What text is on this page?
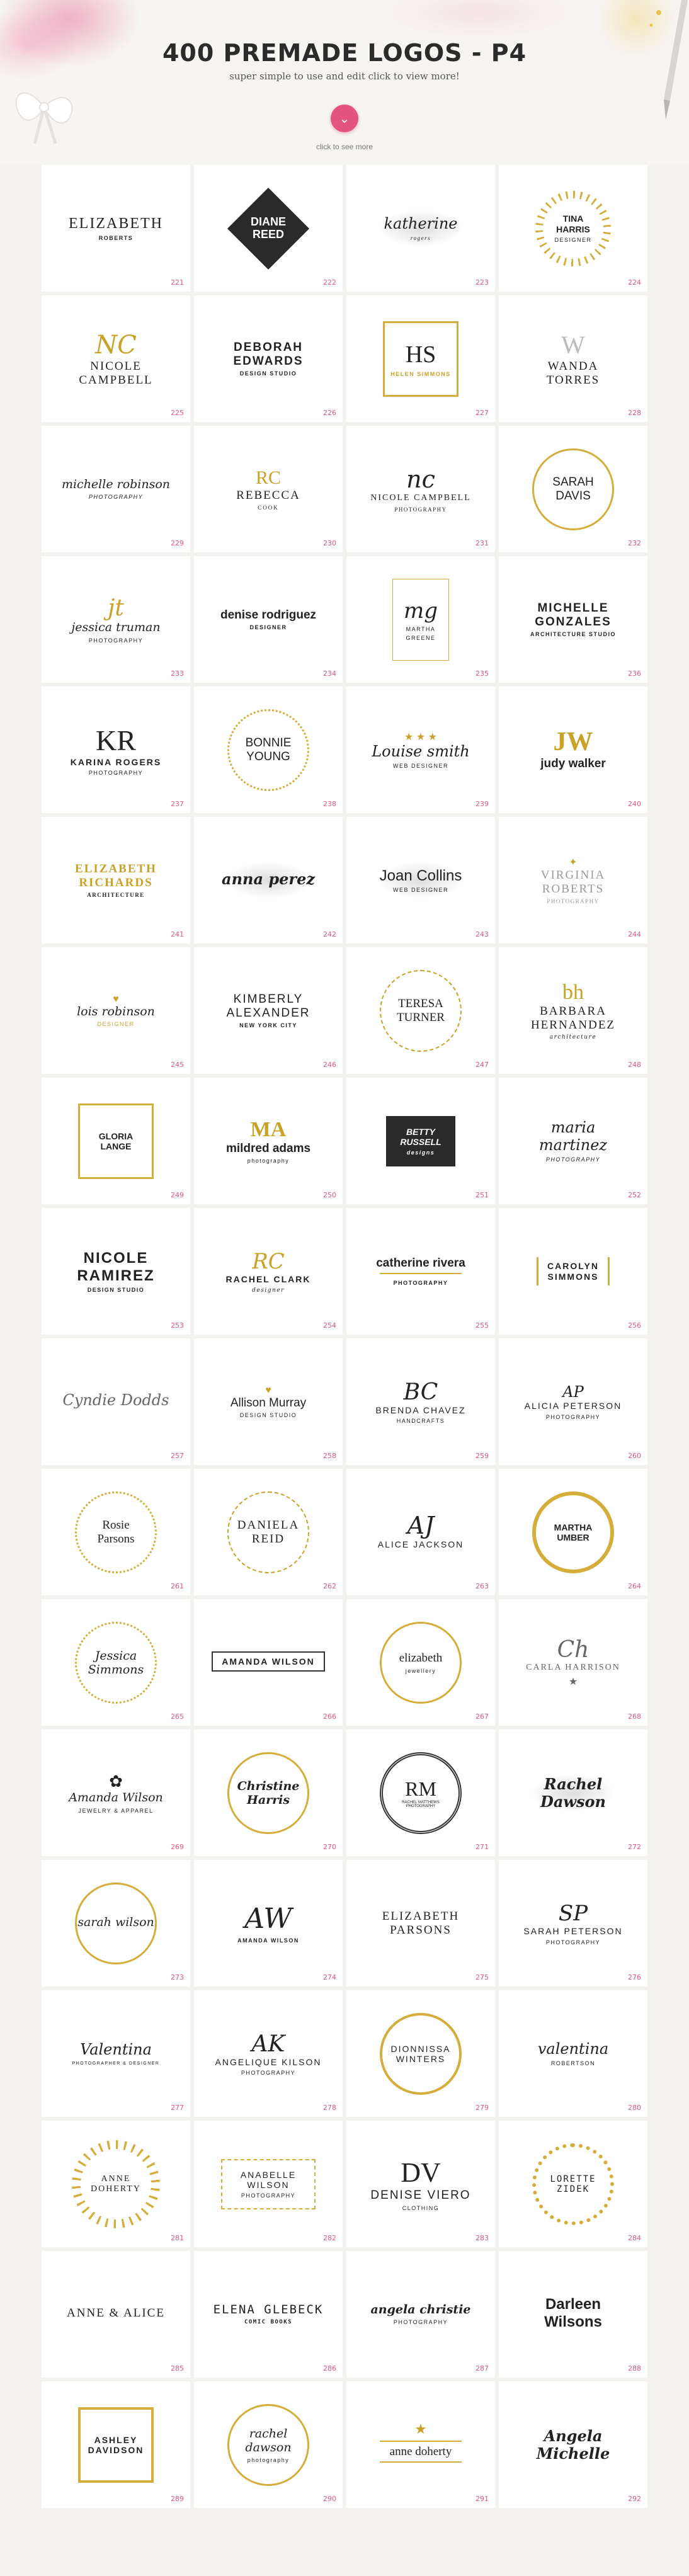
400 PREMADE LOGOS - P4
super simple to use and edit click to view more!
⌄
click to see more
ELIZABETH
ROBERTS
221
DIANE
REED
222
katherine
rogers
223
TINA HARRIS
DESIGNER
224
NC
NICOLE
CAMPBELL
225
DEBORAH EDWARDS
DESIGN STUDIO
226
HS
HELEN SIMMONS
227
W
WANDA
TORRES
228
michelle robinson
PHOTOGRAPHY
229
RC
REBECCA
COOK
230
nc
NICOLE CAMPBELL
PHOTOGRAPHY
231
SARAH
DAVIS
232
jt
jessica truman
PHOTOGRAPHY
233
denise rodriguez
DESIGNER
234
mg
MARTHA
GREENE
235
MICHELLE GONZALES
ARCHITECTURE STUDIO
236
KR
KARINA ROGERS
PHOTOGRAPHY
237
BONNIE
YOUNG
238
★ ★ ★
Louise smith
WEB DESIGNER
239
JW
judy walker
240
ELIZABETH RICHARDS
ARCHITECTURE
241
anna perez
242
Joan Collins
WEB DESIGNER
243
✦
VIRGINIA ROBERTS
PHOTOGRAPHY
244
♥
lois robinson
DESIGNER
245
KIMBERLY ALEXANDER
NEW YORK CITY
246
TERESA
TURNER
247
bh
BARBARA HERNANDEZ
architecture
248
GLORIA
LANGE
249
MA
mildred adams
photography
250
BETTY RUSSELL
designs
251
maria martinez
PHOTOGRAPHY
252
NICOLE RAMIREZ
DESIGN STUDIO
253
RC
RACHEL CLARK
designer
254
catherine rivera
PHOTOGRAPHY
255
CAROLYN
SIMMONS
256
Cyndie Dodds
257
♥
Allison Murray
DESIGN STUDIO
258
BC
BRENDA CHAVEZ
HANDCRAFTS
259
AP
ALICIA PETERSON
PHOTOGRAPHY
260
Rosie
Parsons
261
DANIELA
REID
262
AJ
ALICE JACKSON
263
MARTHA
UMBER
264
Jessica
Simmons
265
AMANDA WILSON
266
elizabeth
jewellery
267
Ch
CARLA HARRISON
★
268
✿
Amanda Wilson
JEWELRY & APPAREL
269
Christine
Harris
270
RM
RACHEL MATTHEWS PHOTOGRAPHY
271
Rachel
Dawson
272
sarah wilson
273
AW
AMANDA WILSON
274
ELIZABETH
PARSONS
275
SP
SARAH PETERSON
PHOTOGRAPHY
276
Valentina
PHOTOGRAPHER & DESIGNER
277
AK
ANGELIQUE KILSON
PHOTOGRAPHY
278
DIONNISSA
WINTERS
279
valentina
ROBERTSON
280
ANNE
DOHERTY
281
ANABELLE WILSON
PHOTOGRAPHY
282
DV
DENISE VIERO
CLOTHING
283
LORETTE
ZIDEK
284
ANNE & ALICE
285
ELENA GLEBECK
COMIC BOOKS
286
angela christie
PHOTOGRAPHY
287
Darleen Wilsons
288
ASHLEY
DAVIDSON
289
rachel dawson
photography
290
★
anne doherty
291
Angela
Michelle
292
